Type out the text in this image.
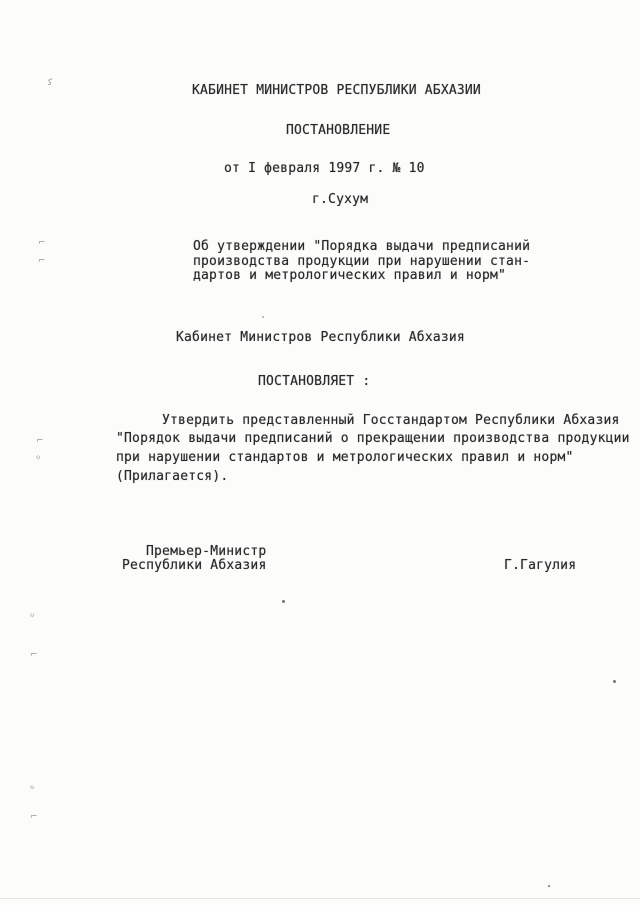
ﮐ
⌐
⌐
⌐
ℴ
ℴ
⌐
ℴ
⌐
КАБИНЕТ МИНИСТРОВ РЕСПУБЛИКИ АБХАЗИИ
ПОСТАНОВЛЕНИЕ
от I февраля 1997 г. № 10
г.Сухум
Об утверждении "Порядка выдачи предписаний
производства продукции при нарушении стан-
дартов и метрологических правил и норм"
Кабинет Министров Республики Абхазия
ПОСТАНОВЛЯЕТ :
Утвердить представленный Госстандартом Республики Абхазия
"Порядок выдачи предписаний о прекращении производства продукции
при нарушении стандартов и метрологических правил и норм"
(Прилагается).
Премьер-Министр
Республики Абхазия	Г.Гагулия
